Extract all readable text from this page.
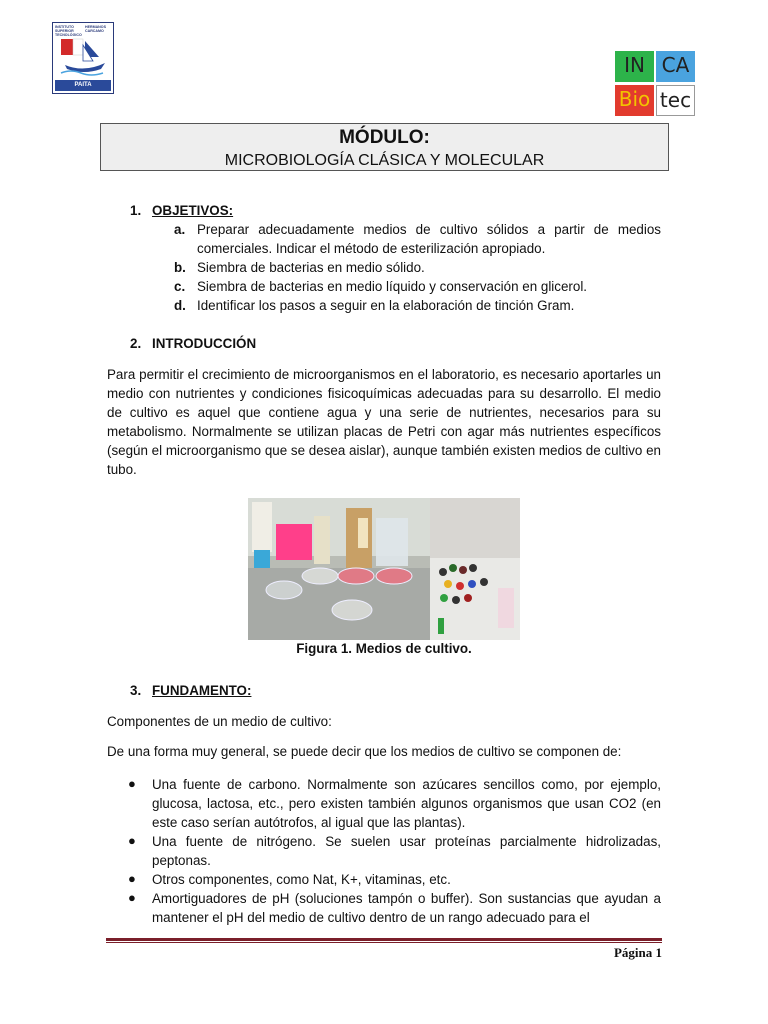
INSTITUTO
SUPERIOR
TECNOLÓGICO
HERMANOS
CARCAMO
PAITA
IN CA
Bio tec
MÓDULO:
MICROBIOLOGÍA CLÁSICA Y MOLECULAR
1. OBJETIVOS:
a. Preparar adecuadamente medios de cultivo sólidos a partir de medios comerciales. Indicar el método de esterilización apropiado.
b. Siembra de bacterias en medio sólido.
c. Siembra de bacterias en medio líquido y conservación en glicerol.
d. Identificar los pasos a seguir en la elaboración de tinción Gram.
2. INTRODUCCIÓN
Para permitir el crecimiento de microorganismos en el laboratorio, es necesario aportarles un medio con nutrientes y condiciones fisicoquímicas adecuadas para su desarrollo. El medio de cultivo es aquel que contiene agua y una serie de nutrientes, necesarios para su metabolismo. Normalmente se utilizan placas de Petri con agar más nutrientes específicos (según el microorganismo que se desea aislar), aunque también existen medios de cultivo en tubo.
Figura 1. Medios de cultivo.
3. FUNDAMENTO:
Componentes de un medio de cultivo:
De una forma muy general, se puede decir que los medios de cultivo se componen de:
● Una fuente de carbono. Normalmente son azúcares sencillos como, por ejemplo, glucosa, lactosa, etc., pero existen también algunos organismos que usan CO2 (en este caso serían autótrofos, al igual que las plantas).
● Una fuente de nitrógeno. Se suelen usar proteínas parcialmente hidrolizadas, peptonas.
● Otros componentes, como Nat, K+, vitaminas, etc.
● Amortiguadores de pH (soluciones tampón o buffer). Son sustancias que ayudan a mantener el pH del medio de cultivo dentro de un rango adecuado para el
Página 1
